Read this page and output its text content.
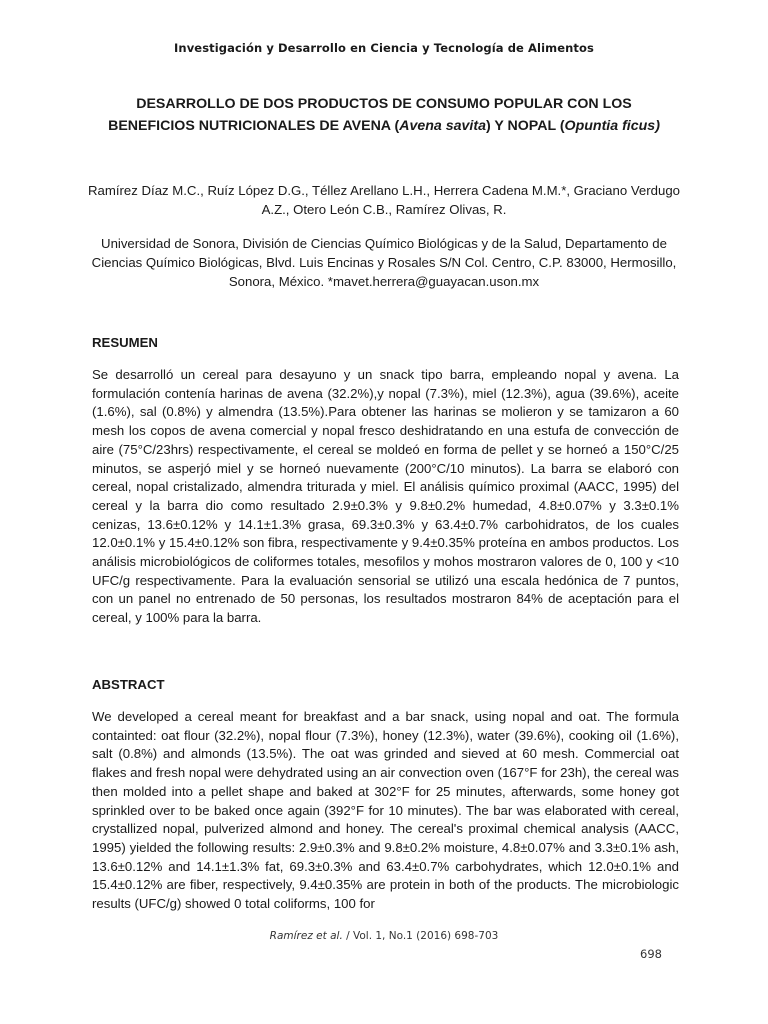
Investigación y Desarrollo en Ciencia y Tecnología de Alimentos
DESARROLLO DE DOS PRODUCTOS DE CONSUMO POPULAR CON LOS BENEFICIOS NUTRICIONALES DE AVENA (Avena savita) Y NOPAL (Opuntia ficus)
Ramírez Díaz M.C., Ruíz López D.G., Téllez Arellano L.H., Herrera Cadena M.M.*, Graciano Verdugo A.Z., Otero León C.B., Ramírez Olivas, R.
Universidad de Sonora, División de Ciencias Químico Biológicas y de la Salud, Departamento de Ciencias Químico Biológicas, Blvd. Luis Encinas y Rosales S/N Col. Centro, C.P. 83000, Hermosillo, Sonora, México. *mavet.herrera@guayacan.uson.mx
RESUMEN
Se desarrolló un cereal para desayuno y un snack tipo barra, empleando nopal y avena. La formulación contenía harinas de avena (32.2%),y nopal (7.3%), miel (12.3%), agua (39.6%), aceite (1.6%), sal (0.8%) y almendra (13.5%).Para obtener las harinas se molieron y se tamizaron a 60 mesh los copos de avena comercial y nopal fresco deshidratando en una estufa de convección de aire (75°C/23hrs) respectivamente, el cereal se moldeó en forma de pellet y se horneó a 150°C/25 minutos, se asperjó miel y se horneó nuevamente (200°C/10 minutos). La barra se elaboró con cereal, nopal cristalizado, almendra triturada y miel. El análisis químico proximal (AACC, 1995) del cereal y la barra dio como resultado 2.9±0.3% y 9.8±0.2% humedad, 4.8±0.07% y 3.3±0.1% cenizas, 13.6±0.12% y 14.1±1.3% grasa, 69.3±0.3% y 63.4±0.7% carbohidratos, de los cuales 12.0±0.1% y 15.4±0.12% son fibra, respectivamente y 9.4±0.35% proteína en ambos productos. Los análisis microbiológicos de coliformes totales, mesofilos y mohos mostraron valores de 0, 100 y <10 UFC/g respectivamente. Para la evaluación sensorial se utilizó una escala hedónica de 7 puntos, con un panel no entrenado de 50 personas, los resultados mostraron 84% de aceptación para el cereal, y 100% para la barra.
ABSTRACT
We developed a cereal meant for breakfast and a bar snack, using nopal and oat. The formula containted: oat flour (32.2%), nopal flour (7.3%), honey (12.3%), water (39.6%), cooking oil (1.6%), salt (0.8%) and almonds (13.5%). The oat was grinded and sieved at 60 mesh. Commercial oat flakes and fresh nopal were dehydrated using an air convection oven (167°F for 23h), the cereal was then molded into a pellet shape and baked at 302°F for 25 minutes, afterwards, some honey got sprinkled over to be baked once again (392°F for 10 minutes). The bar was elaborated with cereal, crystallized nopal, pulverized almond and honey. The cereal's proximal chemical analysis (AACC, 1995) yielded the following results: 2.9±0.3% and 9.8±0.2% moisture, 4.8±0.07% and 3.3±0.1% ash, 13.6±0.12% and 14.1±1.3% fat, 69.3±0.3% and 63.4±0.7% carbohydrates, which 12.0±0.1% and 15.4±0.12% are fiber, respectively, 9.4±0.35% are protein in both of the products. The microbiologic results (UFC/g) showed 0 total coliforms, 100 for
Ramírez et al. / Vol. 1, No.1 (2016) 698-703
698
